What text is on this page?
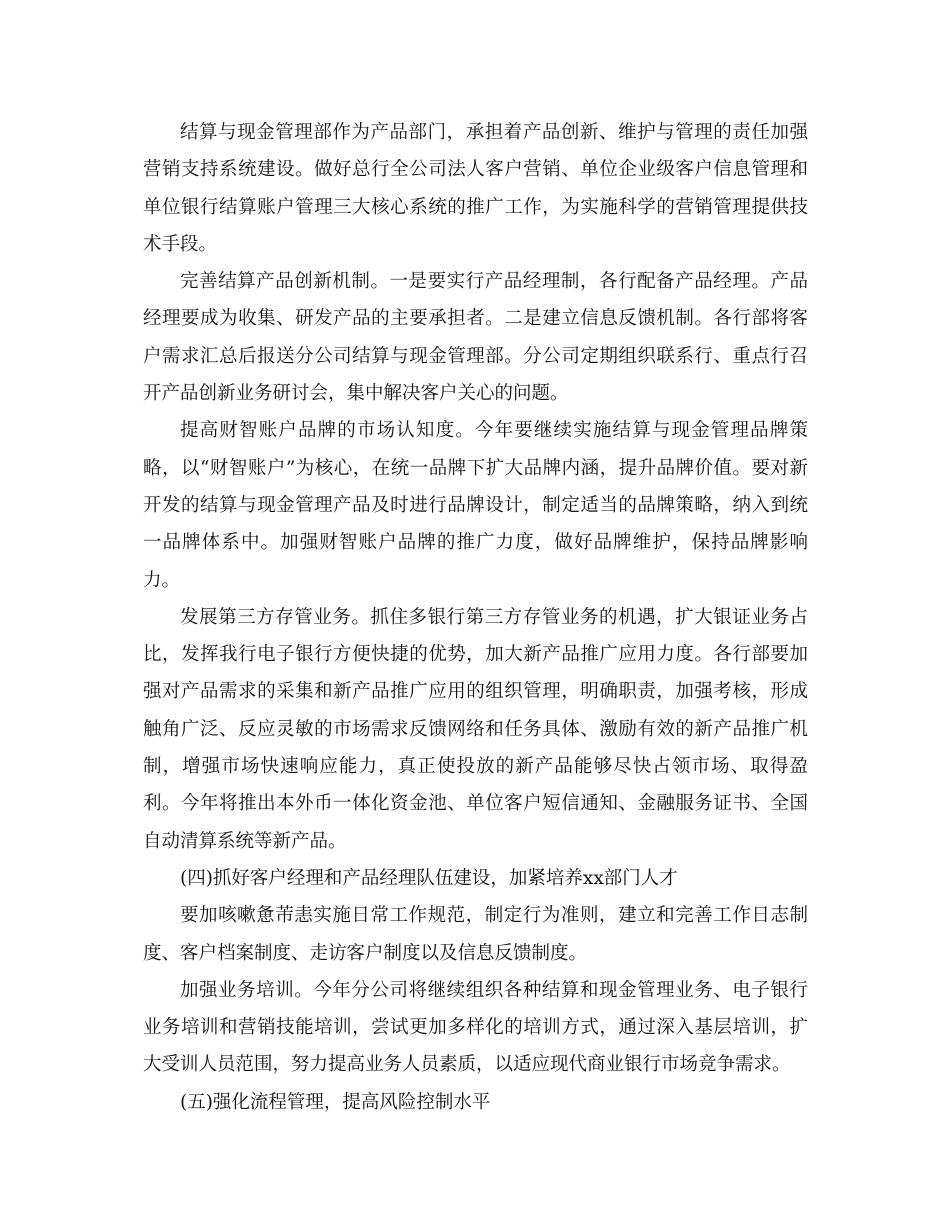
结算与现金管理部作为产品部门，承担着产品创新、维护与管理的责任加强营销支持系统建设。做好总行全公司法人客户营销、单位企业级客户信息管理和单位银行结算账户管理三大核心系统的推广工作，为实施科学的营销管理提供技术手段。

完善结算产品创新机制。一是要实行产品经理制，各行配备产品经理。产品经理要成为收集、研发产品的主要承担者。二是建立信息反馈机制。各行部将客户需求汇总后报送分公司结算与现金管理部。分公司定期组织联系行、重点行召开产品创新业务研讨会，集中解决客户关心的问题。

提高财智账户品牌的市场认知度。今年要继续实施结算与现金管理品牌策略，以“财智账户”为核心，在统一品牌下扩大品牌内涵，提升品牌价值。要对新开发的结算与现金管理产品及时进行品牌设计，制定适当的品牌策略，纳入到统一品牌体系中。加强财智账户品牌的推广力度，做好品牌维护，保持品牌影响力。

发展第三方存管业务。抓住多银行第三方存管业务的机遇，扩大银证业务占比，发挥我行电子银行方便快捷的优势，加大新产品推广应用力度。各行部要加强对产品需求的采集和新产品推广应用的组织管理，明确职责，加强考核，形成触角广泛、反应灵敏的市场需求反馈网络和任务具体、激励有效的新产品推广机制，增强市场快速响应能力，真正使投放的新产品能够尽快占领市场、取得盈利。今年将推出本外币一体化资金池、单位客户短信通知、金融服务证书、全国自动清算系统等新产品。

(四)抓好客户经理和产品经理队伍建设，加紧培养xx部门人才

要加咳嗽惫芾恚实施日常工作规范，制定行为准则，建立和完善工作日志制度、客户档案制度、走访客户制度以及信息反馈制度。

加强业务培训。今年分公司将继续组织各种结算和现金管理业务、电子银行业务培训和营销技能培训，尝试更加多样化的培训方式，通过深入基层培训，扩大受训人员范围，努力提高业务人员素质，以适应现代商业银行市场竞争需求。

(五)强化流程管理，提高风险控制水平
